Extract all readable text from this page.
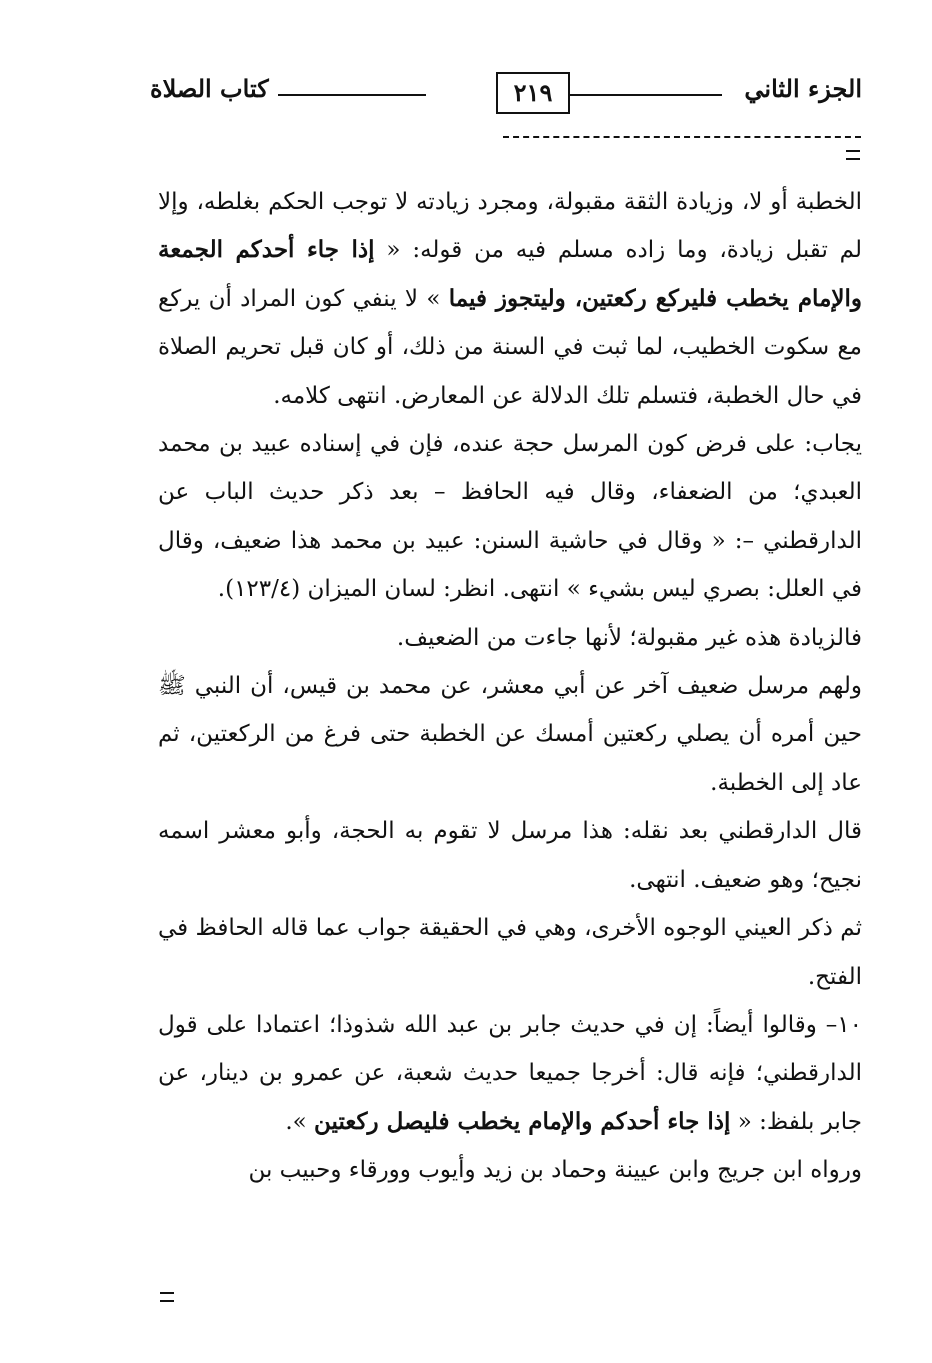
الجزء الثاني
٢١٩
كتاب الصلاة

الخطبة أو لا، وزيادة الثقة مقبولة، ومجرد زيادته لا توجب الحكم بغلطه، وإلا لم تقبل زيادة، وما زاده مسلم فيه من قوله: « إذا جاء أحدكم الجمعة والإمام يخطب فليركع ركعتين، وليتجوز فيما » لا ينفي كون المراد أن يركع مع سكوت الخطيب، لما ثبت في السنة من ذلك، أو كان قبل تحريم الصلاة في حال الخطبة، فتسلم تلك الدلالة عن المعارض. انتهى كلامه.

يجاب: على فرض كون المرسل حجة عنده، فإن في إسناده عبيد بن محمد العبدي؛ من الضعفاء، وقال فيه الحافظ – بعد ذكر حديث الباب عن الدارقطني –: « وقال في حاشية السنن: عبيد بن محمد هذا ضعيف، وقال في العلل: بصري ليس بشيء » انتهى. انظر: لسان الميزان (١٢٣/٤).

فالزيادة هذه غير مقبولة؛ لأنها جاءت من الضعيف.

ولهم مرسل ضعيف آخر عن أبي معشر، عن محمد بن قيس، أن النبي ﷺ حين أمره أن يصلي ركعتين أمسك عن الخطبة حتى فرغ من الركعتين، ثم عاد إلى الخطبة.

قال الدارقطني بعد نقله: هذا مرسل لا تقوم به الحجة، وأبو معشر اسمه نجيح؛ وهو ضعيف. انتهى.

ثم ذكر العيني الوجوه الأخرى، وهي في الحقيقة جواب عما قاله الحافظ في الفتح.

١٠– وقالوا أيضاً: إن في حديث جابر بن عبد الله شذوذا؛ اعتمادا على قول الدارقطني؛ فإنه قال: أخرجا جميعا حديث شعبة، عن عمرو بن دينار، عن جابر بلفظ: « إذا جاء أحدكم والإمام يخطب فليصل ركعتين ».

ورواه ابن جريج وابن عيينة وحماد بن زيد وأيوب وورقاء وحبيب بن
